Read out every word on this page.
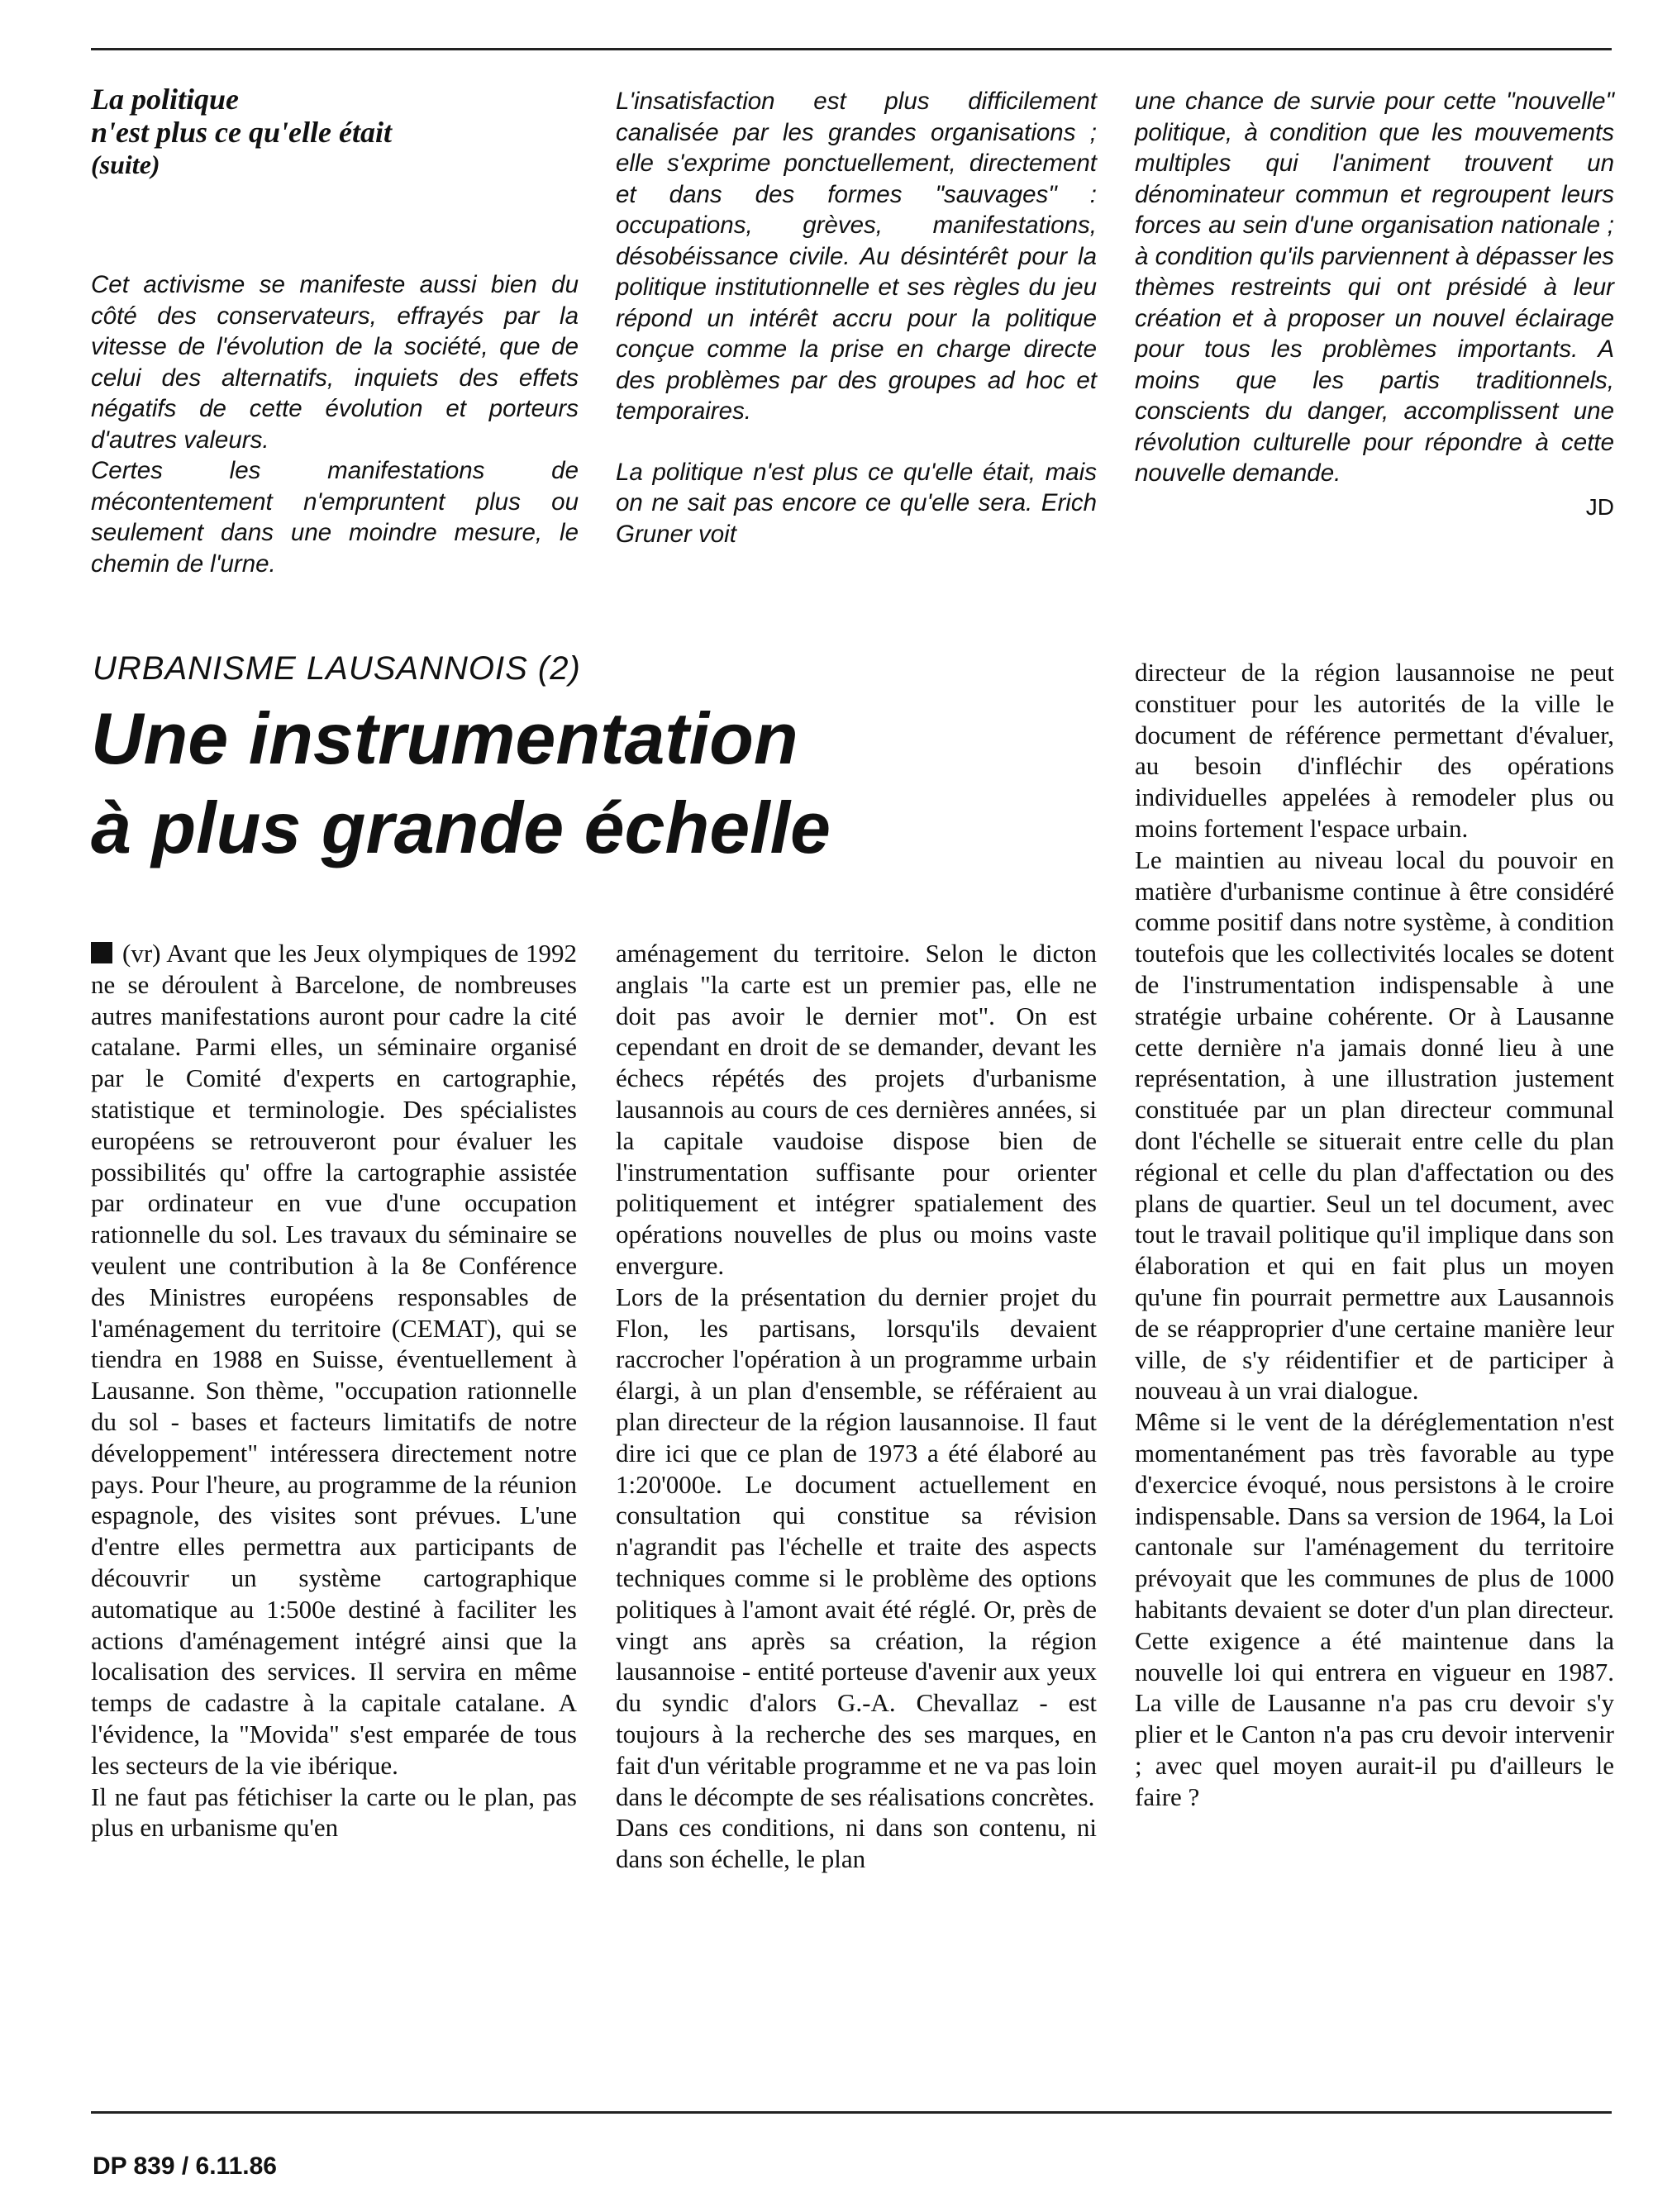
La politique
n'est plus ce qu'elle était
(suite)

Cet activisme se manifeste aussi bien du côté des conservateurs, effrayés par la vitesse de l'évolution de la société, que de celui des alternatifs, inquiets des effets négatifs de cette évolution et porteurs d'autres valeurs.

Certes les manifestations de mécontentement n'empruntent plus ou seulement dans une moindre mesure, le chemin de l'urne.

L'insatisfaction est plus difficilement canalisée par les grandes organisations ; elle s'exprime ponctuellement, directement et dans des formes "sauvages" : occupations, grèves, manifestations, désobéissance civile. Au désintérêt pour la politique institutionnelle et ses règles du jeu répond un intérêt accru pour la politique conçue comme la prise en charge directe des problèmes par des groupes ad hoc et temporaires.

La politique n'est plus ce qu'elle était, mais on ne sait pas encore ce qu'elle sera. Erich Gruner voit

une chance de survie pour cette "nouvelle" politique, à condition que les mouvements multiples qui l'animent trouvent un dénominateur commun et regroupent leurs forces au sein d'une organisation nationale ; à condition qu'ils parviennent à dépasser les thèmes restreints qui ont présidé à leur création et à proposer un nouvel éclairage pour tous les problèmes importants. A moins que les partis traditionnels, conscients du danger, accomplissent une révolution culturelle pour répondre à cette nouvelle demande.

JD
URBANISME LAUSANNOIS (2)
Une instrumentation
à plus grande échelle

(vr) Avant que les Jeux olympiques de 1992 ne se déroulent à Barcelone, de nombreuses autres manifestations auront pour cadre la cité catalane. Parmi elles, un séminaire organisé par le Comité d'experts en cartographie, statistique et terminologie. Des spécialistes européens se retrouveront pour évaluer les possibilités qu' offre la cartographie assistée par ordinateur en vue d'une occupation rationnelle du sol. Les travaux du séminaire se veulent une contribution à la 8e Conférence des Ministres européens responsables de l'aménagement du territoire (CEMAT), qui se tiendra en 1988 en Suisse, éventuellement à Lausanne. Son thème, "occupation rationnelle du sol - bases et facteurs limitatifs de notre développement" intéressera directement notre pays. Pour l'heure, au programme de la réunion espagnole, des visites sont prévues. L'une d'entre elles permettra aux participants de découvrir un système cartographique automatique au 1:500e destiné à faciliter les actions d'aménagement intégré ainsi que la localisation des services. Il servira en même temps de cadastre à la capitale catalane. A l'évidence, la "Movida" s'est emparée de tous les secteurs de la vie ibérique.

Il ne faut pas fétichiser la carte ou le plan, pas plus en urbanisme qu'en

aménagement du territoire. Selon le dicton anglais "la carte est un premier pas, elle ne doit pas avoir le dernier mot". On est cependant en droit de se demander, devant les échecs répétés des projets d'urbanisme lausannois au cours de ces dernières années, si la capitale vaudoise dispose bien de l'instrumentation suffisante pour orienter politiquement et intégrer spatialement des opérations nouvelles de plus ou moins vaste envergure.

Lors de la présentation du dernier projet du Flon, les partisans, lorsqu'ils devaient raccrocher l'opération à un programme urbain élargi, à un plan d'ensemble, se référaient au plan directeur de la région lausannoise. Il faut dire ici que ce plan de 1973 a été élaboré au 1:20'000e. Le document actuellement en consultation qui constitue sa révision n'agrandit pas l'échelle et traite des aspects techniques comme si le problème des options politiques à l'amont avait été réglé. Or, près de vingt ans après sa création, la région lausannoise - entité porteuse d'avenir aux yeux du syndic d'alors G.-A. Chevallaz - est toujours à la recherche des ses marques, en fait d'un véritable programme et ne va pas loin dans le décompte de ses réalisations concrètes.

Dans ces conditions, ni dans son contenu, ni dans son échelle, le plan

directeur de la région lausannoise ne peut constituer pour les autorités de la ville le document de référence permettant d'évaluer, au besoin d'infléchir des opérations individuelles appelées à remodeler plus ou moins fortement l'espace urbain.

Le maintien au niveau local du pouvoir en matière d'urbanisme continue à être considéré comme positif dans notre système, à condition toutefois que les collectivités locales se dotent de l'instrumentation indispensable à une stratégie urbaine cohérente. Or à Lausanne cette dernière n'a jamais donné lieu à une représentation, à une illustration justement constituée par un plan directeur communal dont l'échelle se situerait entre celle du plan régional et celle du plan d'affectation ou des plans de quartier. Seul un tel document, avec tout le travail politique qu'il implique dans son élaboration et qui en fait plus un moyen qu'une fin pourrait permettre aux Lausannois de se réapproprier d'une certaine manière leur ville, de s'y réidentifier et de participer à nouveau à un vrai dialogue.

Même si le vent de la déréglementation n'est momentanément pas très favorable au type d'exercice évoqué, nous persistons à le croire indispensable. Dans sa version de 1964, la Loi cantonale sur l'aménagement du territoire prévoyait que les communes de plus de 1000 habitants devaient se doter d'un plan directeur. Cette exigence a été maintenue dans la nouvelle loi qui entrera en vigueur en 1987. La ville de Lausanne n'a pas cru devoir s'y plier et le Canton n'a pas cru devoir intervenir ; avec quel moyen aurait-il pu d'ailleurs le faire ?

DP 839 / 6.11.86
